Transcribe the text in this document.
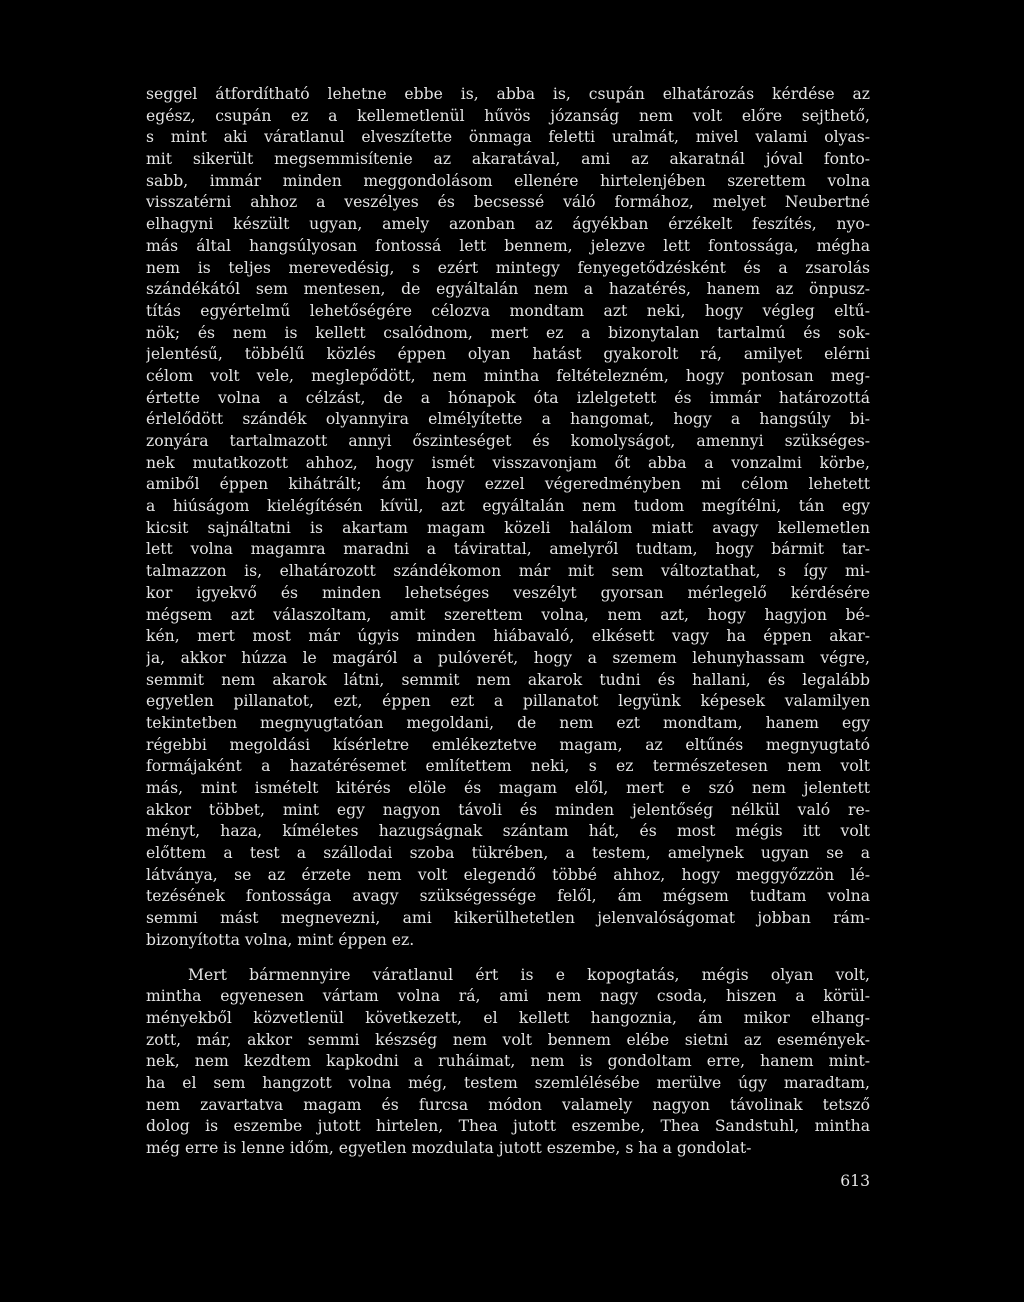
seggel átfordítható lehetne ebbe is, abba is, csupán elhatározás kérdése az
egész, csupán ez a kellemetlenül hűvös józanság nem volt előre sejthető,
s mint aki váratlanul elveszítette önmaga feletti uralmát, mivel valami olyas-
mit sikerült megsemmisítenie az akaratával, ami az akaratnál jóval fonto-
sabb, immár minden meggondolásom ellenére hirtelenjében szerettem volna
visszatérni ahhoz a veszélyes és becsessé váló formához, melyet Neubertné
elhagyni készült ugyan, amely azonban az ágyékban érzékelt feszítés, nyo-
más által hangsúlyosan fontossá lett bennem, jelezve lett fontossága, mégha
nem is teljes merevedésig, s ezért mintegy fenyegetődzésként és a zsarolás
szándékától sem mentesen, de egyáltalán nem a hazatérés, hanem az önpusz-
títás egyértelmű lehetőségére célozva mondtam azt neki, hogy végleg eltű-
nök; és nem is kellett csalódnom, mert ez a bizonytalan tartalmú és sok-
jelentésű, többélű közlés éppen olyan hatást gyakorolt rá, amilyet elérni
célom volt vele, meglepődött, nem mintha feltételezném, hogy pontosan meg-
értette volna a célzást, de a hónapok óta izlelgetett és immár határozottá
érlelődött szándék olyannyira elmélyítette a hangomat, hogy a hangsúly bi-
zonyára tartalmazott annyi őszinteséget és komolyságot, amennyi szükséges-
nek mutatkozott ahhoz, hogy ismét visszavonjam őt abba a vonzalmi körbe,
amiből éppen kihátrált; ám hogy ezzel végeredményben mi célom lehetett
a hiúságom kielégítésén kívül, azt egyáltalán nem tudom megítélni, tán egy
kicsit sajnáltatni is akartam magam közeli halálom miatt avagy kellemetlen
lett volna magamra maradni a távirattal, amelyről tudtam, hogy bármit tar-
talmazzon is, elhatározott szándékomon már mit sem változtathat, s így mi-
kor igyekvő és minden lehetséges veszélyt gyorsan mérlegelő kérdésére
mégsem azt válaszoltam, amit szerettem volna, nem azt, hogy hagyjon bé-
kén, mert most már úgyis minden hiábavaló, elkésett vagy ha éppen akar-
ja, akkor húzza le magáról a pulóverét, hogy a szemem lehunyhassam végre,
semmit nem akarok látni, semmit nem akarok tudni és hallani, és legalább
egyetlen pillanatot, ezt, éppen ezt a pillanatot legyünk képesek valamilyen
tekintetben megnyugtatóan megoldani, de nem ezt mondtam, hanem egy
régebbi megoldási kísérletre emlékeztetve magam, az eltűnés megnyugtató
formájaként a hazatérésemet említettem neki, s ez természetesen nem volt
más, mint ismételt kitérés elöle és magam elől, mert e szó nem jelentett
akkor többet, mint egy nagyon távoli és minden jelentőség nélkül való re-
ményt, haza, kíméletes hazugságnak szántam hát, és most mégis itt volt
előttem a test a szállodai szoba tükrében, a testem, amelynek ugyan se a
látványa, se az érzete nem volt elegendő többé ahhoz, hogy meggyőzzön lé-
tezésének fontossága avagy szükségessége felől, ám mégsem tudtam volna
semmi mást megnevezni, ami kikerülhetetlen jelenvalóságomat jobban rám-
bizonyította volna, mint éppen ez.
Mert bármennyire váratlanul ért is e kopogtatás, mégis olyan volt,
mintha egyenesen vártam volna rá, ami nem nagy csoda, hiszen a körül-
ményekből közvetlenül következett, el kellett hangoznia, ám mikor elhang-
zott, már, akkor semmi készség nem volt bennem elébe sietni az események-
nek, nem kezdtem kapkodni a ruháimat, nem is gondoltam erre, hanem mint-
ha el sem hangzott volna még, testem szemlélésébe merülve úgy maradtam,
nem zavartatva magam és furcsa módon valamely nagyon távolinak tetsző
dolog is eszembe jutott hirtelen, Thea jutott eszembe, Thea Sandstuhl, mintha
még erre is lenne időm, egyetlen mozdulata jutott eszembe, s ha a gondolat-
613
